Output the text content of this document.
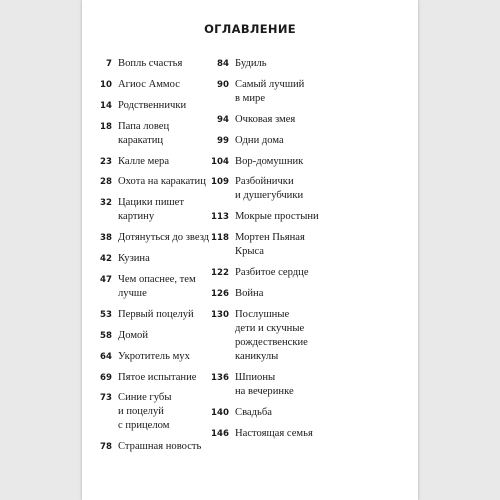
ОГЛАВЛЕНИЕ
7 Вопль счастья
10 Агиос Аммос
14 Родственнички
18 Папа ловец
каракатиц
23 Калле мера
28 Охота на каракатиц
32 Цацики пишет
картину
38 Дотянуться до звезд
42 Кузина
47 Чем опаснее, тем
лучше
53 Первый поцелуй
58 Домой
64 Укротитель мух
69 Пятое испытание
73 Синие губы
и поцелуй
с прицелом
78 Страшная новость
84 Будиль
90 Самый лучший
в мире
94 Очковая змея
99 Одни дома
104 Вор-домушник
109 Разбойнички
и душегубчики
113 Мокрые простыни
118 Мортен Пьяная
Крыса
122 Разбитое сердце
126 Война
130 Послушные
дети и скучные
рождественские
каникулы
136 Шпионы
на вечеринке
140 Свадьба
146 Настоящая семья
